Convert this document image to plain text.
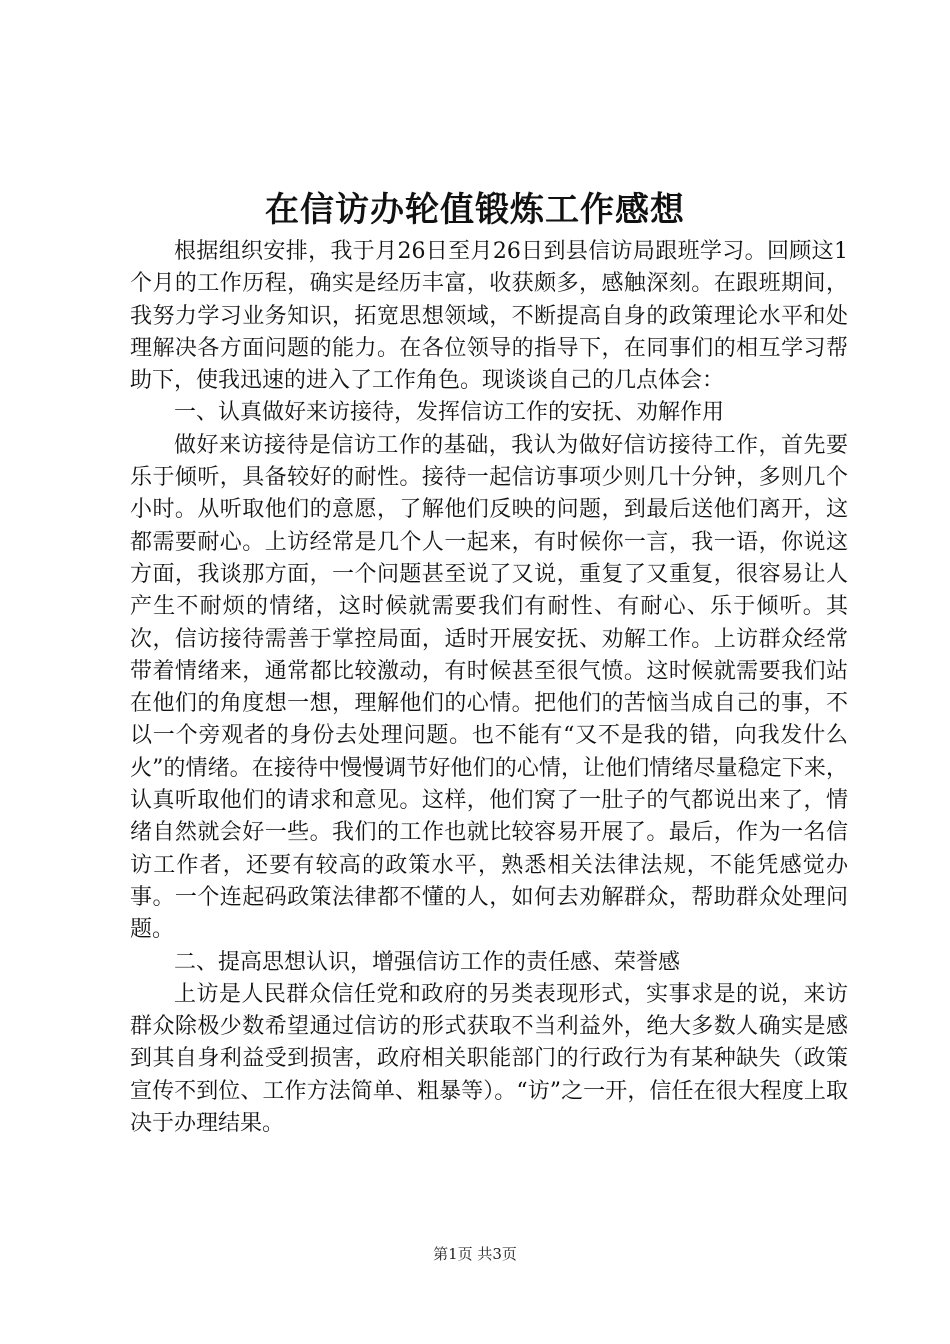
在信访办轮值锻炼工作感想

根据组织安排，我于月26日至月26日到县信访局跟班学习。回顾这1个月的工作历程，确实是经历丰富，收获颇多，感触深刻。在跟班期间，我努力学习业务知识，拓宽思想领域，不断提高自身的政策理论水平和处理解决各方面问题的能力。在各位领导的指导下，在同事们的相互学习帮助下，使我迅速的进入了工作角色。现谈谈自己的几点体会：

一、认真做好来访接待，发挥信访工作的安抚、劝解作用

做好来访接待是信访工作的基础，我认为做好信访接待工作，首先要乐于倾听，具备较好的耐性。接待一起信访事项少则几十分钟，多则几个小时。从听取他们的意愿，了解他们反映的问题，到最后送他们离开，这都需要耐心。上访经常是几个人一起来，有时候你一言，我一语，你说这方面，我谈那方面，一个问题甚至说了又说，重复了又重复，很容易让人产生不耐烦的情绪，这时候就需要我们有耐性、有耐心、乐于倾听。其次，信访接待需善于掌控局面，适时开展安抚、劝解工作。上访群众经常带着情绪来，通常都比较激动，有时候甚至很气愤。这时候就需要我们站在他们的角度想一想，理解他们的心情。把他们的苦恼当成自己的事，不以一个旁观者的身份去处理问题。也不能有“又不是我的错，向我发什么火”的情绪。在接待中慢慢调节好他们的心情，让他们情绪尽量稳定下来，认真听取他们的请求和意见。这样，他们窝了一肚子的气都说出来了，情绪自然就会好一些。我们的工作也就比较容易开展了。最后，作为一名信访工作者，还要有较高的政策水平，熟悉相关法律法规，不能凭感觉办事。一个连起码政策法律都不懂的人，如何去劝解群众，帮助群众处理问题。

二、提高思想认识，增强信访工作的责任感、荣誉感

上访是人民群众信任党和政府的另类表现形式，实事求是的说，来访群众除极少数希望通过信访的形式获取不当利益外，绝大多数人确实是感到其自身利益受到损害，政府相关职能部门的行政行为有某种缺失（政策宣传不到位、工作方法简单、粗暴等）。“访”之一开，信任在很大程度上取决于办理结果。

第1页 共3页
